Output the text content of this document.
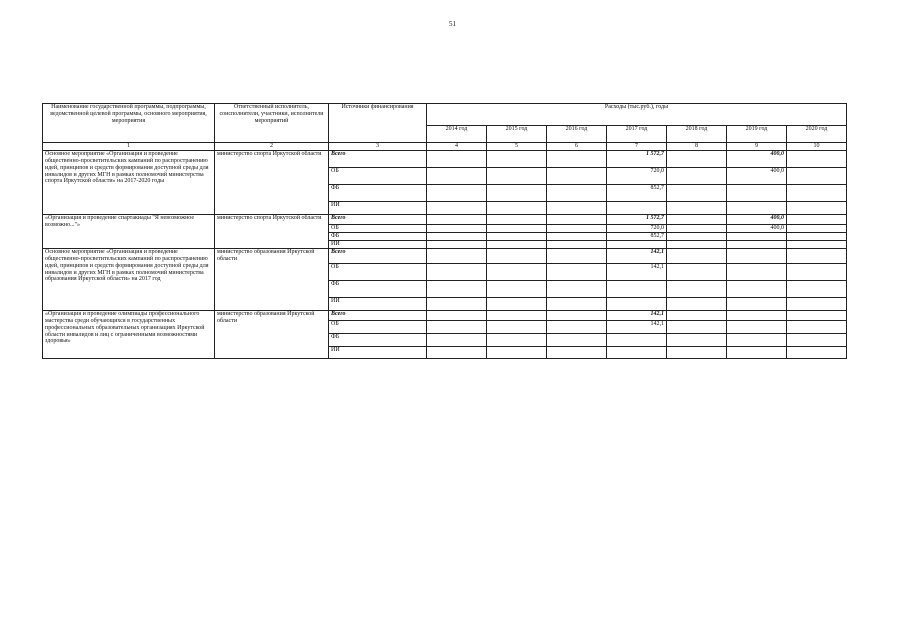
51
Наименование государственной программы, подпрограммы, ведомственной целевой программы, основного мероприятия, мероприятия	Ответственный исполнитель, соисполнители, участники, исполнители мероприятий	Источники финансирования	Расходы (тыс.руб.), годы						
			2014 год	2015 год	2016 год	2017 год	2018 год	2019 год	2020 год
1	2	3	4	5	6	7	8	9	10
Основное мероприятие «Организация и проведение общественно-просветительских кампаний по распространению идей, принципов и средств формирования доступной среды для инвалидов и других МГН в рамках полномочий министерства спорта Иркутской области» на 2017-2020 годы	министерство спорта Иркутской области	Всего				1 572,7		400,0	
		ОБ				720,0		400,0	
		ФБ				852,7			
		ИИ							
«Организация и проведение спартакиады "Я невозможное возможно..."»	министерство спорта Иркутской области	Всего				1 572,7		400,0	
		ОБ				720,0		400,0	
		ФБ				852,7			
		ИИ							
Основное мероприятие «Организация и проведение общественно-просветительских кампаний по распространению идей, принципов и средств формирования доступной среды для инвалидов и других МГН в рамках полномочий министерства образования Иркутской области» на 2017 год	министерство образования Иркутской области	Всего				142,1			
		ОБ				142,1			
		ФБ							
		ИИ							
«Организация и проведение олимпиады профессионального мастерства среди обучающихся в государственных профессиональных образовательных организациях Иркутской области инвалидов и лиц с ограниченными возможностями здоровья»	министерство образования Иркутской области	Всего				142,1			
		ОБ				142,1			
		ФБ							
		ИИ							
